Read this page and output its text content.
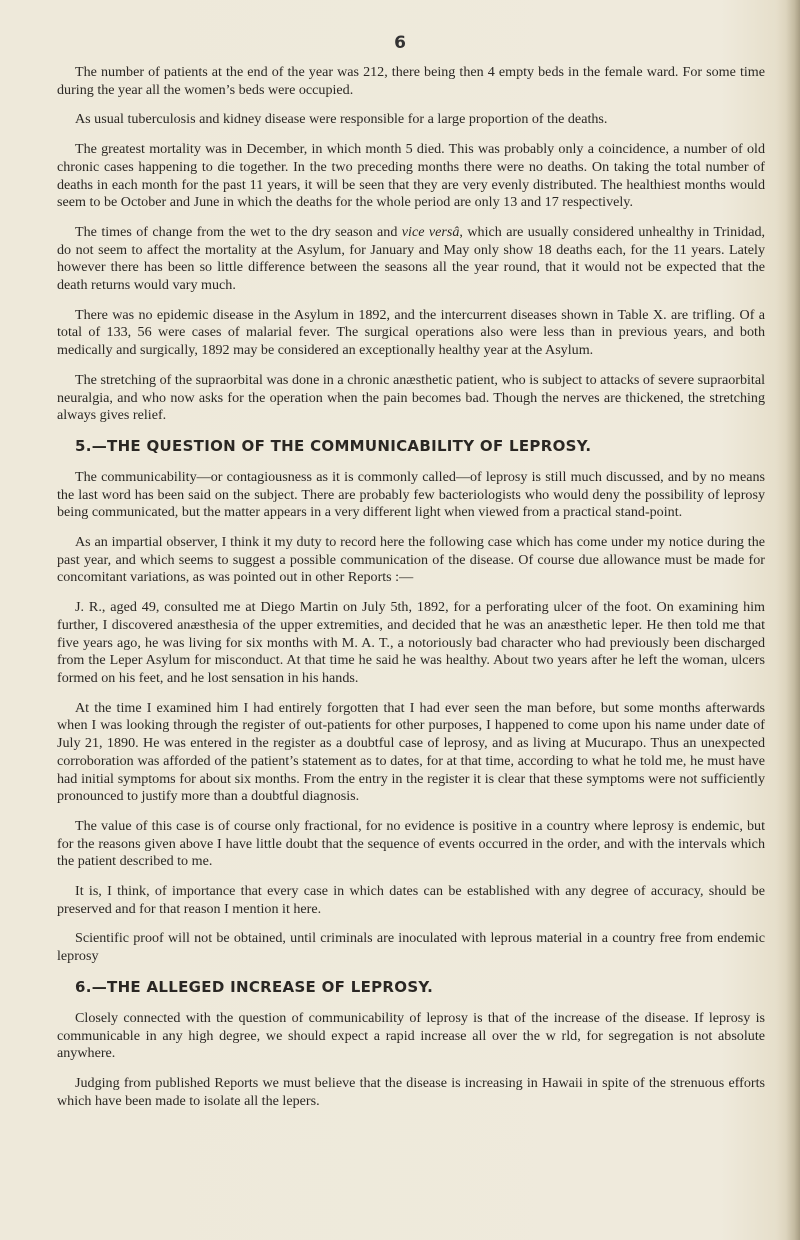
6

The number of patients at the end of the year was 212, there being then 4 empty beds in the female ward. For some time during the year all the women’s beds were occupied.

As usual tuberculosis and kidney disease were responsible for a large proportion of the deaths.

The greatest mortality was in December, in which month 5 died. This was probably only a coincidence, a number of old chronic cases happening to die together. In the two preceding months there were no deaths. On taking the total number of deaths in each month for the past 11 years, it will be seen that they are very evenly distributed. The healthiest months would seem to be October and June in which the deaths for the whole period are only 13 and 17 respectively.

The times of change from the wet to the dry season and vice versâ, which are usually considered unhealthy in Trinidad, do not seem to affect the mortality at the Asylum, for January and May only show 18 deaths each, for the 11 years. Lately however there has been so little difference between the seasons all the year round, that it would not be expected that the death returns would vary much.

There was no epidemic disease in the Asylum in 1892, and the intercurrent diseases shown in Table X. are trifling. Of a total of 133, 56 were cases of malarial fever. The surgical operations also were less than in previous years, and both medically and surgically, 1892 may be considered an exceptionally healthy year at the Asylum.

The stretching of the supraorbital was done in a chronic anæsthetic patient, who is subject to attacks of severe supraorbital neuralgia, and who now asks for the operation when the pain becomes bad. Though the nerves are thickened, the stretching always gives relief.

5.—THE QUESTION OF THE COMMUNICABILITY OF LEPROSY.

The communicability—or contagiousness as it is commonly called—of leprosy is still much discussed, and by no means the last word has been said on the subject. There are probably few bacteriologists who would deny the possibility of leprosy being communicated, but the matter appears in a very different light when viewed from a practical stand-point.

As an impartial observer, I think it my duty to record here the following case which has come under my notice during the past year, and which seems to suggest a possible communication of the disease. Of course due allowance must be made for concomitant variations, as was pointed out in other Reports :—

J. R., aged 49, consulted me at Diego Martin on July 5th, 1892, for a perforating ulcer of the foot. On examining him further, I discovered anæsthesia of the upper extremities, and decided that he was an anæsthetic leper. He then told me that five years ago, he was living for six months with M. A. T., a notoriously bad character who had previously been discharged from the Leper Asylum for misconduct. At that time he said he was healthy. About two years after he left the woman, ulcers formed on his feet, and he lost sensation in his hands.

At the time I examined him I had entirely forgotten that I had ever seen the man before, but some months afterwards when I was looking through the register of out-patients for other purposes, I happened to come upon his name under date of July 21, 1890. He was entered in the register as a doubtful case of leprosy, and as living at Mucurapo. Thus an unexpected corroboration was afforded of the patient’s statement as to dates, for at that time, according to what he told me, he must have had initial symptoms for about six months. From the entry in the register it is clear that these symptoms were not sufficiently pronounced to justify more than a doubtful diagnosis.

The value of this case is of course only fractional, for no evidence is positive in a country where leprosy is endemic, but for the reasons given above I have little doubt that the sequence of events occurred in the order, and with the intervals which the patient described to me.

It is, I think, of importance that every case in which dates can be established with any degree of accuracy, should be preserved and for that reason I mention it here.

Scientific proof will not be obtained, until criminals are inoculated with leprous material in a country free from endemic leprosy

6.—THE ALLEGED INCREASE OF LEPROSY.

Closely connected with the question of communicability of leprosy is that of the increase of the disease. If leprosy is communicable in any high degree, we should expect a rapid increase all over the w rld, for segregation is not absolute anywhere.

Judging from published Reports we must believe that the disease is increasing in Hawaii in spite of the strenuous efforts which have been made to isolate all the lepers.
